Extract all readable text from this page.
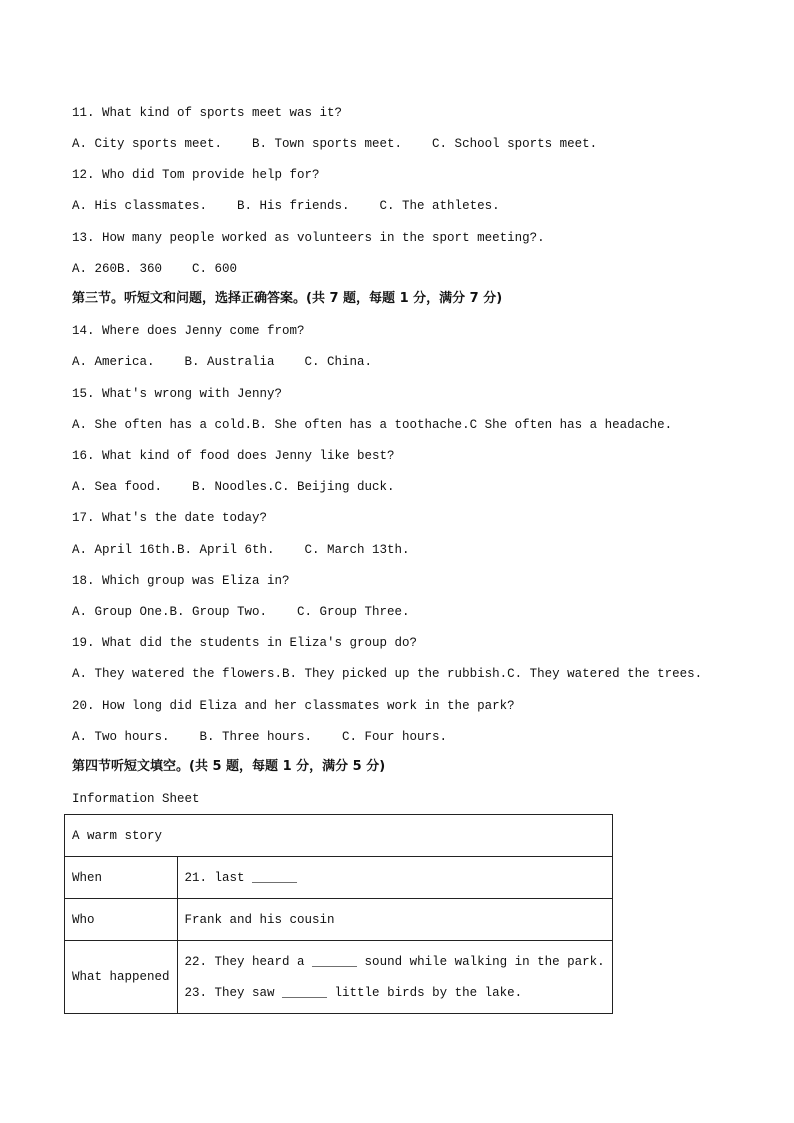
11. What kind of sports meet was it?
A. City sports meet.    B. Town sports meet.    C. School sports meet.
12. Who did Tom provide help for?
A. His classmates.    B. His friends.    C. The athletes.
13. How many people worked as volunteers in the sport meeting?.
A. 260B. 360    C. 600
第三节。听短文和问题，选择正确答案。(共 7 题，每题 1 分，满分 7 分)
14. Where does Jenny come from?
A. America.    B. Australia    C. China.
15. What's wrong with Jenny?
A. She often has a cold.B. She often has a toothache.C She often has a headache.
16. What kind of food does Jenny like best?
A. Sea food.    B. Noodles.C. Beijing duck.
17. What's the date today?
A. April 16th.B. April 6th.    C. March 13th.
18. Which group was Eliza in?
A. Group One.B. Group Two.    C. Group Three.
19. What did the students in Eliza's group do?
A. They watered the flowers.B. They picked up the rubbish.C. They watered the trees.
20. How long did Eliza and her classmates work in the park?
A. Two hours.    B. Three hours.    C. Four hours.
第四节听短文填空。(共 5 题，每题 1 分，满分 5 分)
Information Sheet
A warm story	
When	21. last ______
Who	Frank and his cousin
What happened	22. They heard a ______ sound while walking in the park.
23. They saw ______ little birds by the lake.
